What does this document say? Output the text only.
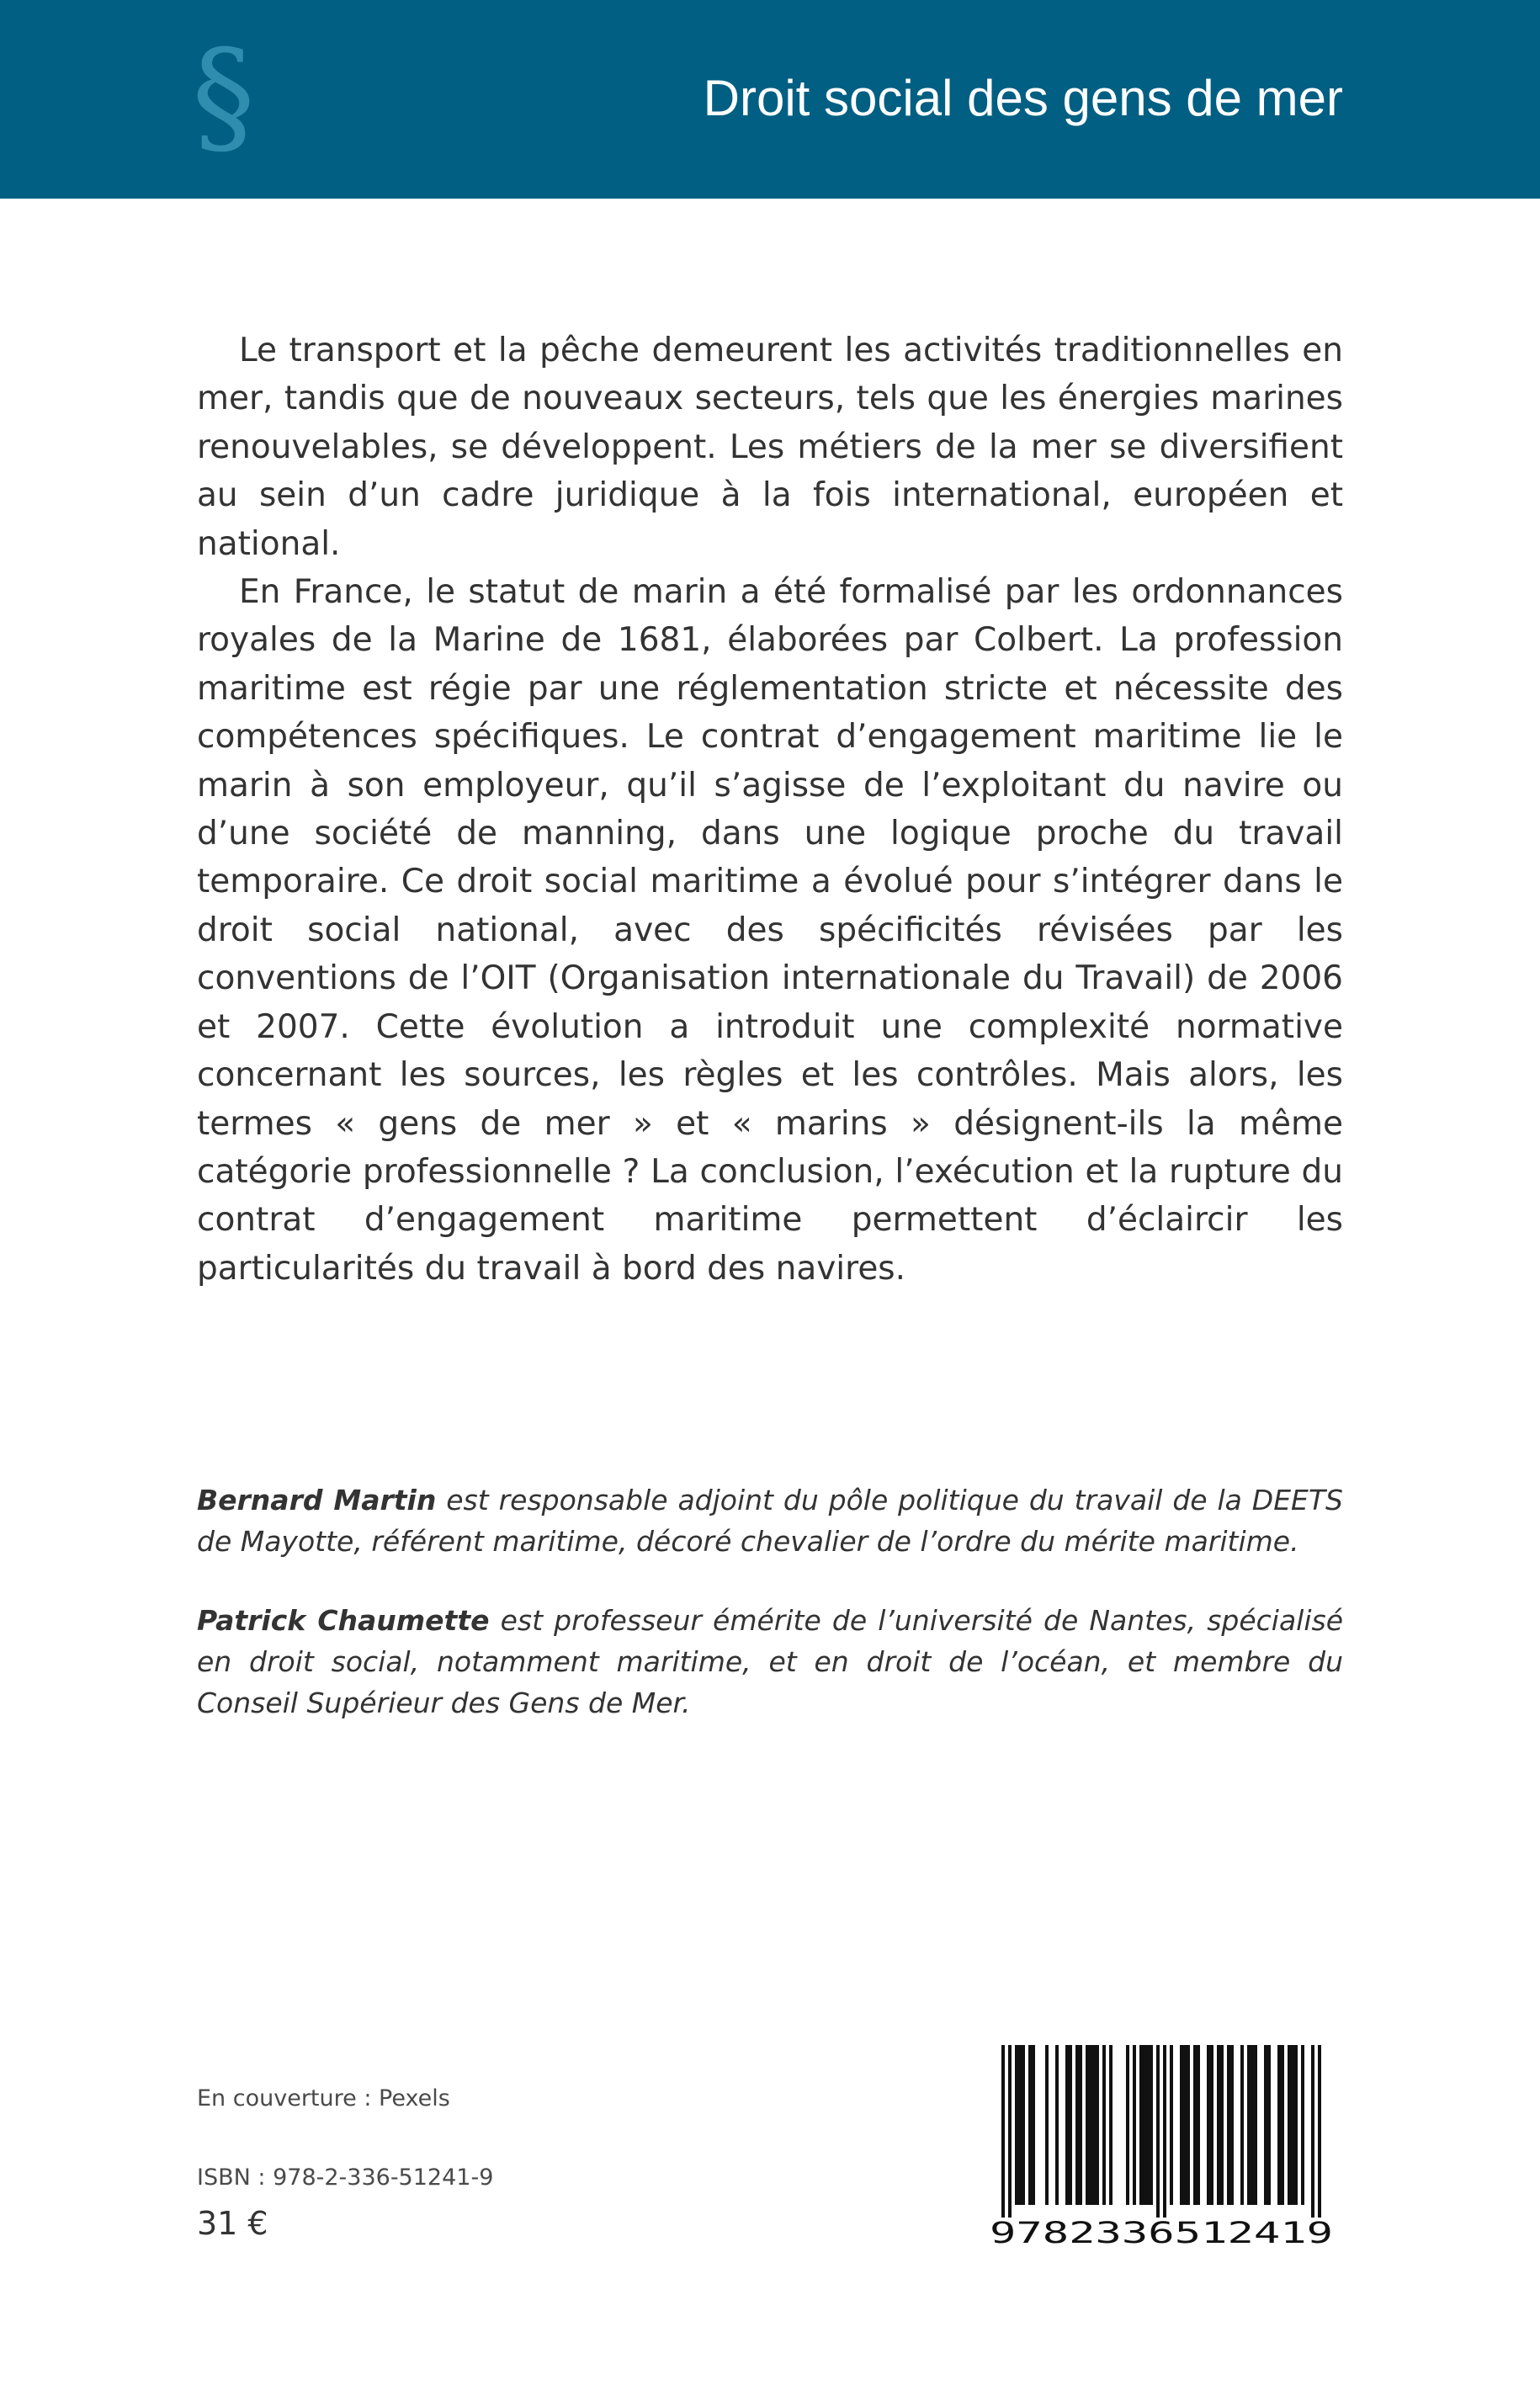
§	Droit social des gens de mer

Le transport et la pêche demeurent les activités traditionnelles en mer, tandis que de nouveaux secteurs, tels que les énergies marines renouvelables, se développent. Les métiers de la mer se diversifient au sein d’un cadre juridique à la fois international, européen et national.

En France, le statut de marin a été formalisé par les ordonnances royales de la Marine de 1681, élaborées par Colbert. La profession maritime est régie par une réglementation stricte et nécessite des compétences spécifiques. Le contrat d’engagement maritime lie le marin à son employeur, qu’il s’agisse de l’exploitant du navire ou d’une société de manning, dans une logique proche du travail temporaire. Ce droit social maritime a évolué pour s’intégrer dans le droit social national, avec des spécificités révisées par les conventions de l’OIT (Organisation internationale du Travail) de 2006 et 2007. Cette évolution a introduit une complexité normative concernant les sources, les règles et les contrôles. Mais alors, les termes « gens de mer » et « marins » désignent-ils la même catégorie professionnelle ? La conclusion, l’exécution et la rupture du contrat d’engagement maritime permettent d’éclaircir les particularités du travail à bord des navires.

Bernard Martin est responsable adjoint du pôle politique du travail de la DEETS de Mayotte, référent maritime, décoré chevalier de l’ordre du mérite maritime.

Patrick Chaumette est professeur émérite de l’université de Nantes, spécialisé en droit social, notamment maritime, et en droit de l’océan, et membre du Conseil Supérieur des Gens de Mer.

En couverture : Pexels
ISBN : 978-2-336-51241-9
31 €	9782336512419
